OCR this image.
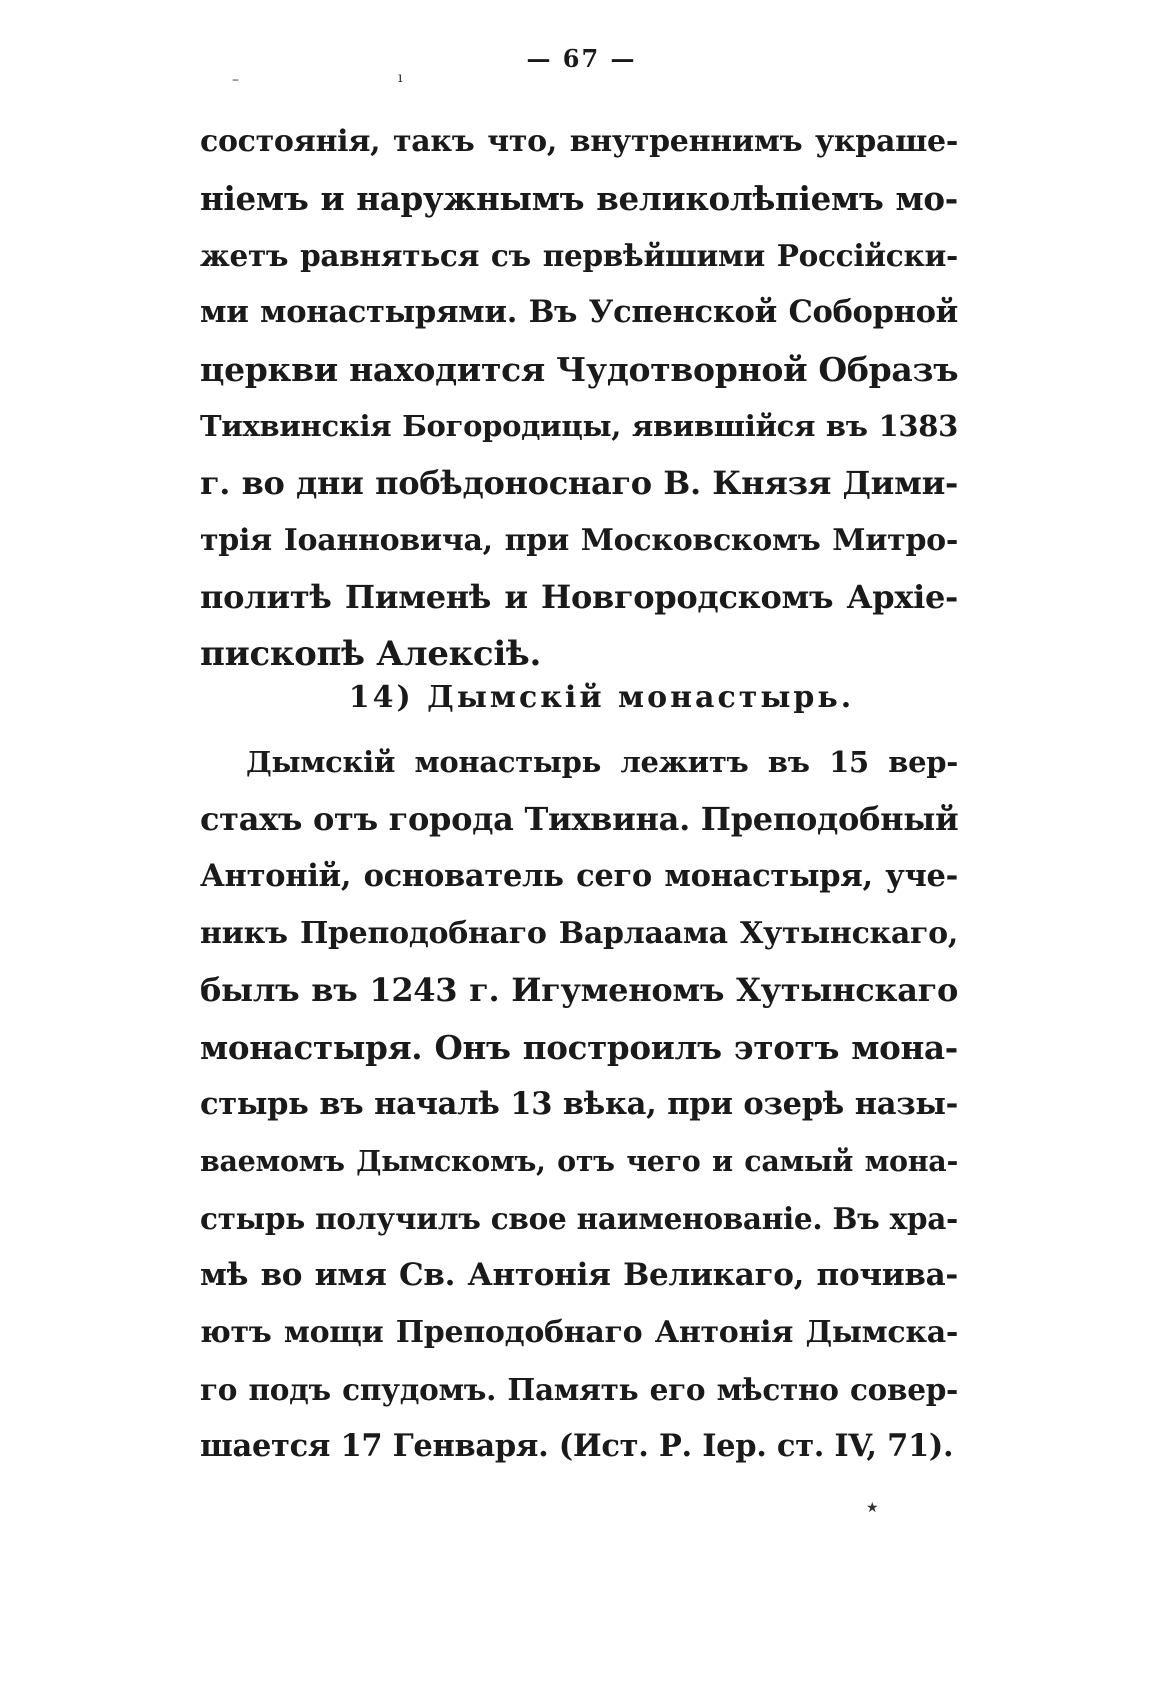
— 67 —
–	ı
состоянія, такъ что, внутреннимъ украше-
ніемъ и наружнымъ великолѣпіемъ мо-
жетъ равняться съ первѣйшими Россійски-
ми монастырями. Въ Успенской Соборной
церкви находится Чудотворной Образъ
Тихвинскія Богородицы, явившійся въ 1383
г. во дни побѣдоноснаго В. Князя Дими-
трія Іоанновича, при Московскомъ Митро-
политѣ Пименѣ и Новгородскомъ Архіе-
пископѣ Алексіѣ.
14) Дымскій монастырь.
Дымскій монастырь лежитъ въ 15 вер-
стахъ отъ города Тихвина. Преподобный
Антоній, основатель сего монастыря, уче-
никъ Преподобнаго Варлаама Хутынскаго,
былъ въ 1243 г. Игуменомъ Хутынскаго
монастыря. Онъ построилъ этотъ мона-
стырь въ началѣ 13 вѣка, при озерѣ назы-
ваемомъ Дымскомъ, отъ чего и самый мона-
стырь получилъ свое наименованіе. Въ хра-
мѣ во имя Св. Антонія Великаго, почива-
ютъ мощи Преподобнаго Антонія Дымска-
го подъ спудомъ. Память его мѣстно совер-
шается 17 Генваря. (Ист. Р. Іер. ст. IV, 71).
★
